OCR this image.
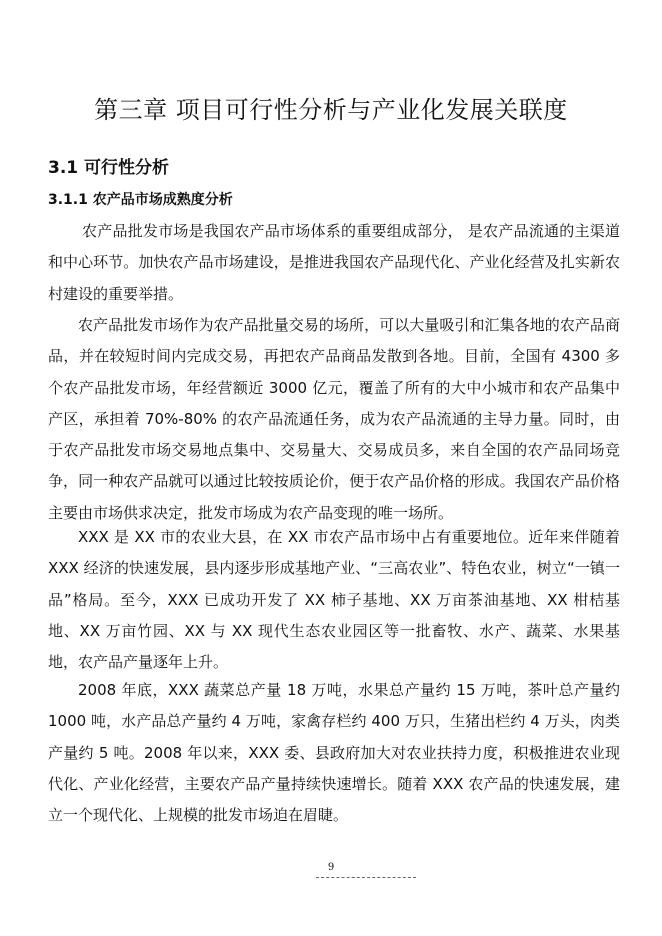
第三章 项目可行性分析与产业化发展关联度
3.1 可行性分析
3.1.1 农产品市场成熟度分析

农产品批发市场是我国农产品市场体系的重要组成部分， 是农产品流通的主渠道和中心环节。加快农产品市场建设，是推进我国农产品现代化、产业化经营及扎实新农村建设的重要举措。

农产品批发市场作为农产品批量交易的场所，可以大量吸引和汇集各地的农产品商品，并在较短时间内完成交易，再把农产品商品发散到各地。目前，全国有 4300 多个农产品批发市场，年经营额近 3000 亿元，覆盖了所有的大中小城市和农产品集中产区，承担着 70%-80% 的农产品流通任务，成为农产品流通的主导力量。同时，由于农产品批发市场交易地点集中、交易量大、交易成员多，来自全国的农产品同场竞争，同一种农产品就可以通过比较按质论价，便于农产品价格的形成。我国农产品价格主要由市场供求决定，批发市场成为农产品变现的唯一场所。

XXX 是 XX 市的农业大县，在 XX 市农产品市场中占有重要地位。近年来伴随着 XXX 经济的快速发展，县内逐步形成基地产业、“三高农业”、特色农业，树立“一镇一品”格局。至今，XXX 已成功开发了 XX 柿子基地、XX 万亩茶油基地、XX 柑桔基地、XX 万亩竹园、XX 与 XX 现代生态农业园区等一批畜牧、水产、蔬菜、水果基地，农产品产量逐年上升。

2008 年底，XXX 蔬菜总产量 18 万吨，水果总产量约 15 万吨，茶叶总产量约 1000 吨，水产品总产量约 4 万吨，家禽存栏约 400 万只，生猪出栏约 4 万头，肉类产量约 5 吨。2008 年以来，XXX 委、县政府加大对农业扶持力度，积极推进农业现代化、产业化经营，主要农产品产量持续快速增长。随着 XXX 农产品的快速发展，建立一个现代化、上规模的批发市场迫在眉睫。

9
